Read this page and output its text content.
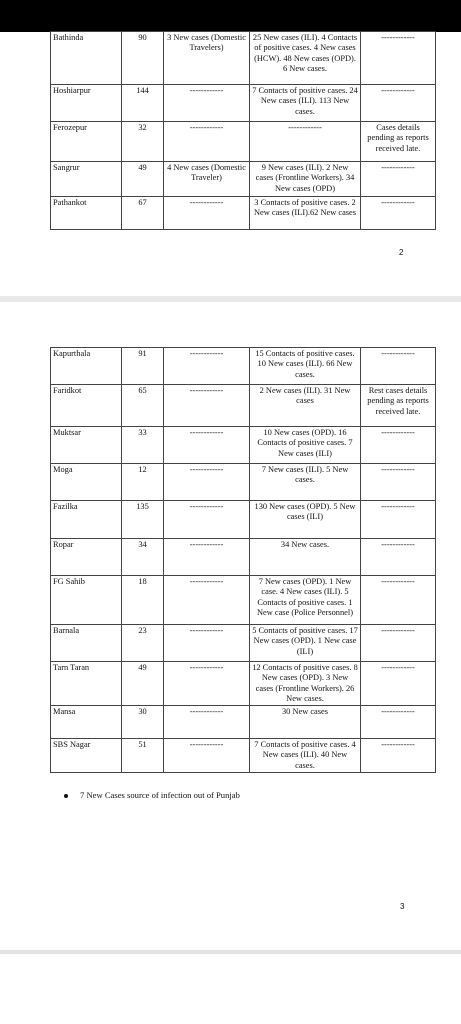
Bathinda	90	3 New cases (Domestic Travelers)	25 New cases (ILI). 4 Contacts of positive cases. 4 New cases (HCW). 48 New cases (OPD). 6 New cases.	------------
Hoshiarpur	144	------------	7 Contacts of positive cases. 24 New cases (ILI). 113 New cases.	------------
Ferozepur	32	------------	------------	Cases details pending as reports received late.
Sangrur	49	4 New cases (Domestic Traveler)	9 New cases (ILI). 2 New cases (Frontline Workers). 34 New cases (OPD)	------------
Pathankot	67	------------	3 Contacts of positive cases. 2 New cases (ILI).62 New cases	------------
2
Kapurthala	91	------------	15 Contacts of positive cases. 10 New cases (ILI). 66 New cases.	------------
Faridkot	65	------------	2 New cases (ILI). 31 New cases	Rest cases details pending as reports received late.
Muktsar	33	------------	10 New cases (OPD). 16 Contacts of positive cases. 7 New cases (ILI)	------------
Moga	12	------------	7 New cases (ILI). 5 New cases.	------------
Fazilka	135	------------	130 New cases (OPD). 5 New cases (ILI)	------------
Ropar	34	------------	34 New cases.	------------
FG Sahib	18	------------	7 New cases (OPD). 1 New case. 4 New cases (ILI). 5 Contacts of positive cases. 1 New case (Police Personnel)	------------
Barnala	23	------------	5 Contacts of positive cases. 17 New cases (OPD). 1 New case (ILI)	------------
Tarn Taran	49	------------	12 Contacts of positive cases. 8 New cases (OPD). 3 New cases (Frontline Workers). 26 New cases.	------------
Mansa	30	------------	30 New cases	------------
SBS Nagar	51	------------	7 Contacts of positive cases. 4 New cases (ILI). 40 New cases.	------------
7 New Cases source of infection out of Punjab
3
